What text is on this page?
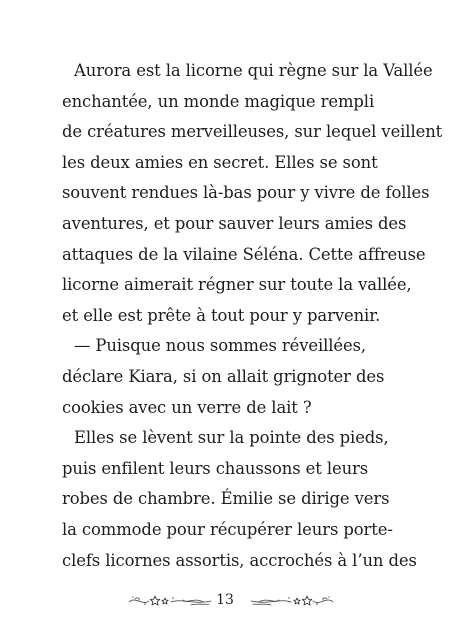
Aurora est la licorne qui règne sur la Vallée
enchantée, un monde magique rempli
de créatures merveilleuses, sur lequel veillent
les deux amies en secret. Elles se sont
souvent rendues là-bas pour y vivre de folles
aventures, et pour sauver leurs amies des
attaques de la vilaine Séléna. Cette affreuse
licorne aimerait régner sur toute la vallée,
et elle est prête à tout pour y parvenir.
— Puisque nous sommes réveillées,
déclare Kiara, si on allait grignoter des
cookies avec un verre de lait ?
Elles se lèvent sur la pointe des pieds,
puis enfilent leurs chaussons et leurs
robes de chambre. Émilie se dirige vers
la commode pour récupérer leurs porte-
clefs licornes assortis, accrochés à l’un des
13
